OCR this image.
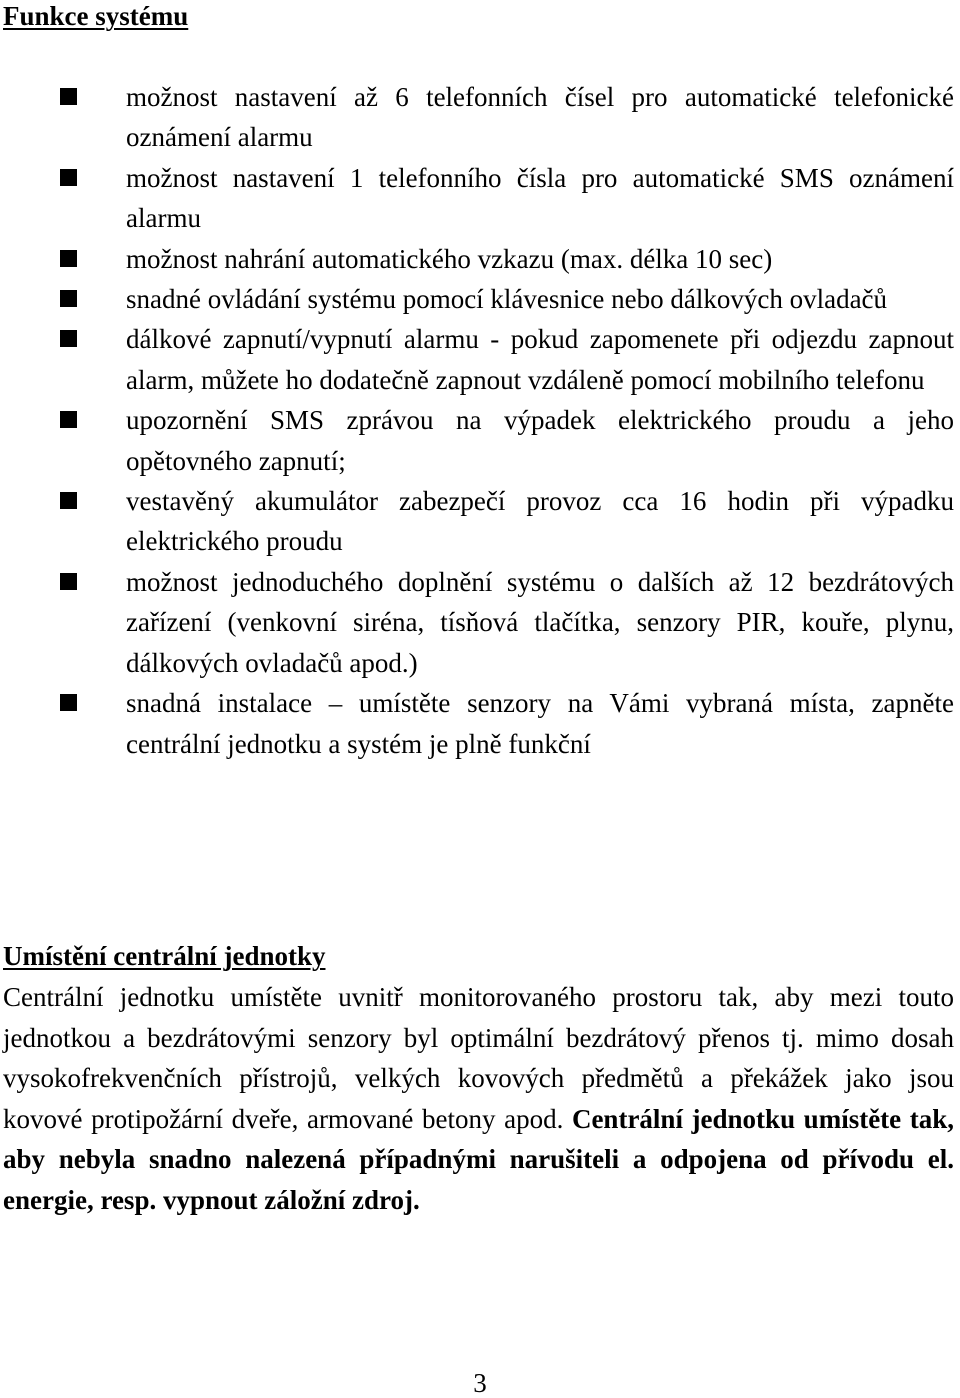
Funkce systému
možnost nastavení až 6 telefonních čísel pro automatické telefonické oznámení alarmu
možnost nastavení 1 telefonního čísla pro automatické SMS oznámení alarmu
možnost nahrání automatického vzkazu (max. délka 10 sec)
snadné ovládání systému pomocí klávesnice nebo dálkových ovladačů
dálkové zapnutí/vypnutí alarmu - pokud zapomenete při odjezdu zapnout alarm, můžete ho dodatečně zapnout vzdáleně pomocí mobilního telefonu
upozornění SMS zprávou na výpadek elektrického proudu a jeho opětovného zapnutí;
vestavěný akumulátor zabezpečí provoz cca 16 hodin při výpadku elektrického proudu
možnost jednoduchého doplnění systému o dalších až 12 bezdrátových zařízení (venkovní siréna, tísňová tlačítka, senzory PIR, kouře, plynu, dálkových ovladačů apod.)
snadná instalace – umístěte senzory na Vámi vybraná místa, zapněte centrální jednotku a systém je plně funkční
Umístění centrální jednotky

Centrální jednotku umístěte uvnitř monitorovaného prostoru tak, aby mezi touto jednotkou a bezdrátovými senzory byl optimální bezdrátový přenos tj. mimo dosah vysokofrekvenčních přístrojů, velkých kovových předmětů a překážek jako jsou kovové protipožární dveře, armované betony apod. Centrální jednotku umístěte tak, aby nebyla snadno nalezená případnými narušiteli a odpojena od přívodu el. energie, resp. vypnout záložní zdroj.

3
